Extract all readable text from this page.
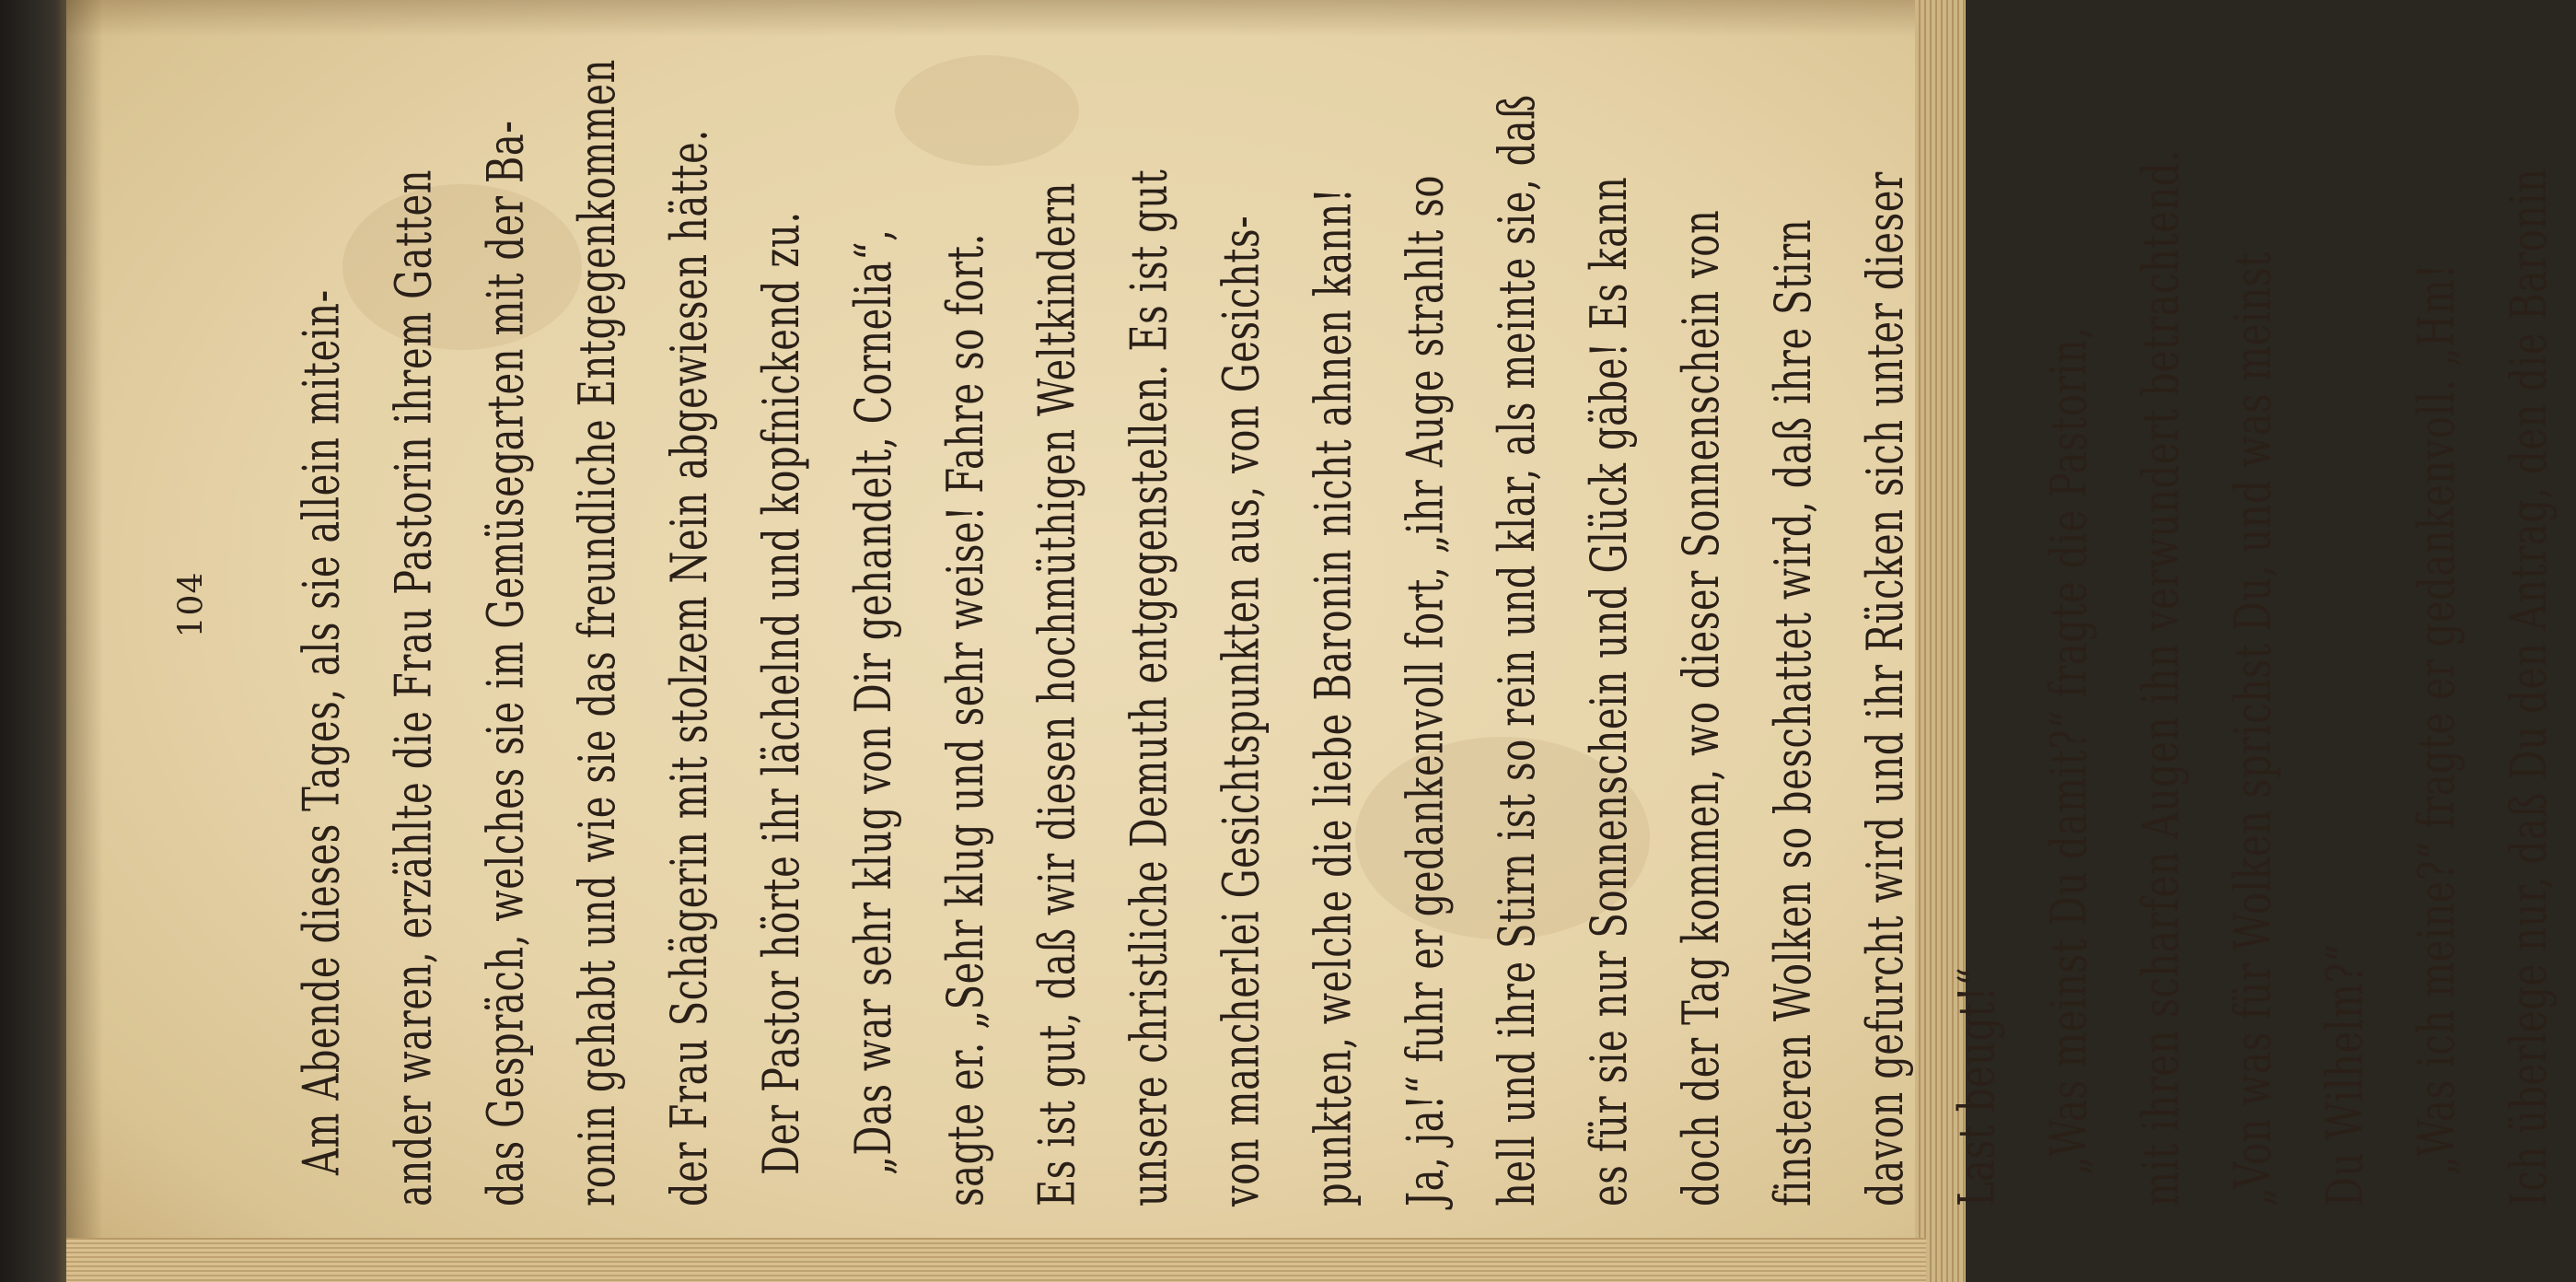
104	Am Abende dieses Tages, als sie allein mitein- ander waren, erzählte die Frau Pastorin ihrem Gatten das Gespräch, welches sie im Gemüsegarten mit der Ba- ronin gehabt und wie sie das freundliche Entgegenkommen der Frau Schägerin mit stolzem Nein abgewiesen hätte. Der Pastor hörte ihr lächelnd und kopfnickend zu. „Das war sehr klug von Dir gehandelt, Cornelia“, sagte er. „Sehr klug und sehr weise! Fahre so fort. Es ist gut, daß wir diesen hochmüthigen Weltkindern unsere christliche Demuth entgegenstellen. Es ist gut von mancherlei Gesichtspunkten aus, von Gesichts- punkten, welche die liebe Baronin nicht ahnen kann! Ja, ja!“ fuhr er gedankenvoll fort, „ihr Auge strahlt so hell und ihre Stirn ist so rein und klar, als meinte sie, daß es für sie nur Sonnenschein und Glück gäbe! Es kann doch der Tag kommen, wo dieser Sonnenschein von finsteren Wolken so beschattet wird, daß ihre Stirn davon gefurcht wird und ihr Rücken sich unter dieser Last beugt!“ „Was meinst Du damit?“ fragte die Pastorin, mit ihren scharfen Augen ihn verwundert betrachtend. „Von was für Wolken sprichst Du, und was meinst Du Wilhelm?“ „Was ich meine?“ fragte er gedankenvoll. „Hm! Ich überlege nur, daß Du den Antrag, den die Baronin
